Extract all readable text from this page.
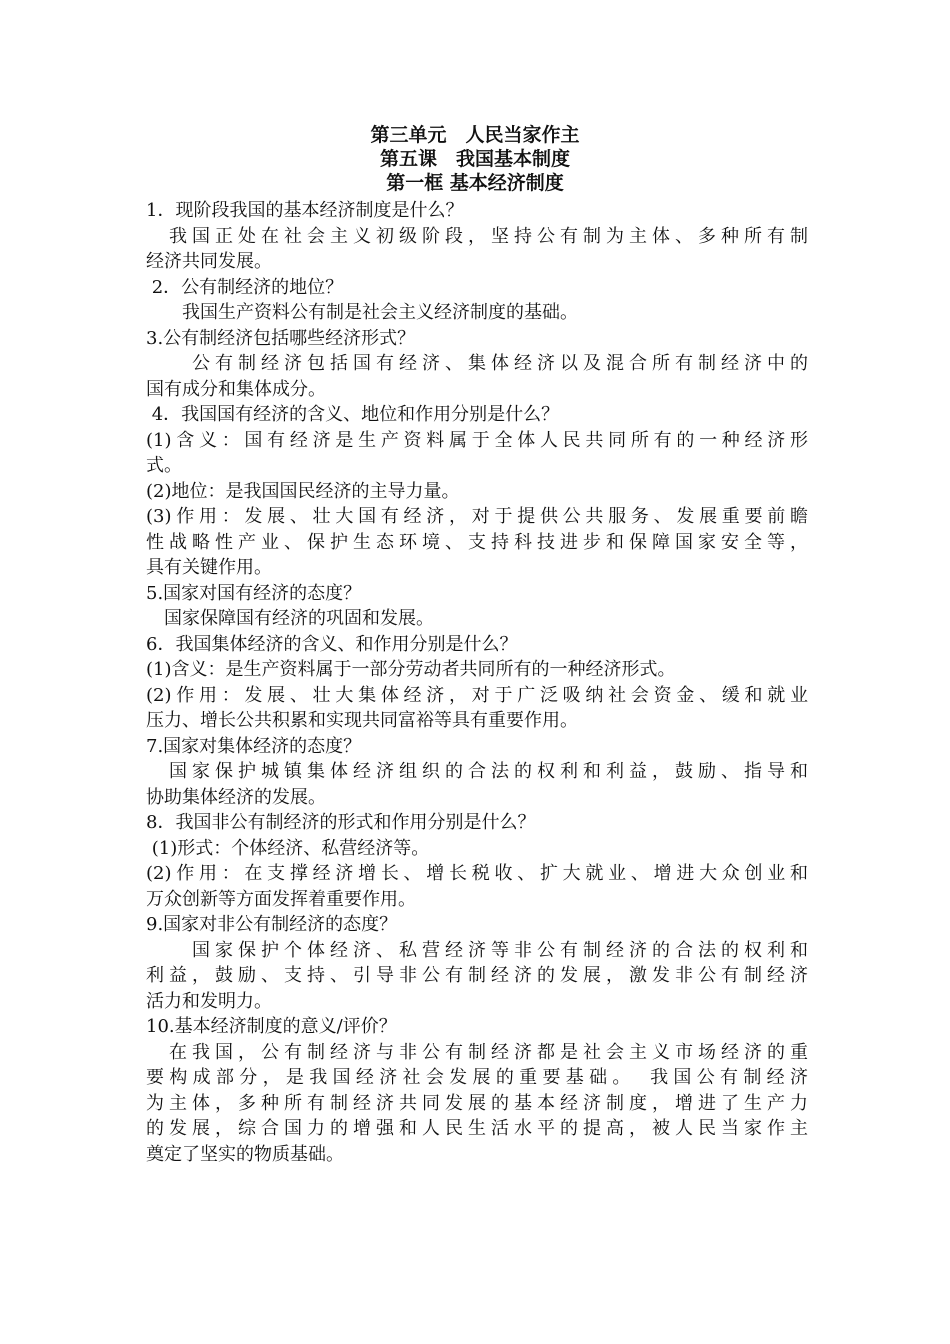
第三单元　人民当家作主
第五课　我国基本制度
第一框 基本经济制度
1．现阶段我国的基本经济制度是什么？
　我国正处在社会主义初级阶段，坚持公有制为主体、多种所有制
经济共同发展。
2．公有制经济的地位？
　　我国生产资料公有制是社会主义经济制度的基础。
3.公有制经济包括哪些经济形式？
　　公有制经济包括国有经济、集体经济以及混合所有制经济中的
国有成分和集体成分。
4．我国国有经济的含义、地位和作用分别是什么？
(1)含义：国有经济是生产资料属于全体人民共同所有的一种经济形
式。
(2)地位：是我国国民经济的主导力量。
(3)作用：发展、壮大国有经济，对于提供公共服务、发展重要前瞻
性战略性产业、保护生态环境、支持科技进步和保障国家安全等，
具有关键作用。
5.国家对国有经济的态度？
　国家保障国有经济的巩固和发展。
6．我国集体经济的含义、和作用分别是什么？
(1)含义：是生产资料属于一部分劳动者共同所有的一种经济形式。
(2)作用：发展、壮大集体经济，对于广泛吸纳社会资金、缓和就业
压力、增长公共积累和实现共同富裕等具有重要作用。
7.国家对集体经济的态度？
　国家保护城镇集体经济组织的合法的权利和利益，鼓励、指导和
协助集体经济的发展。
8．我国非公有制经济的形式和作用分别是什么？
(1)形式：个体经济、私营经济等。
(2)作用：在支撑经济增长、增长税收、扩大就业、增进大众创业和
万众创新等方面发挥着重要作用。
9.国家对非公有制经济的态度？
　　国家保护个体经济、私营经济等非公有制经济的合法的权利和
利益，鼓励、支持、引导非公有制经济的发展，激发非公有制经济
活力和发明力。
10.基本经济制度的意义/评价？
　在我国，公有制经济与非公有制经济都是社会主义市场经济的重
要构成部分，是我国经济社会发展的重要基础。　我国公有制经济
为主体，多种所有制经济共同发展的基本经济制度，增进了生产力
的发展，综合国力的增强和人民生活水平的提高，被人民当家作主
奠定了坚实的物质基础。
